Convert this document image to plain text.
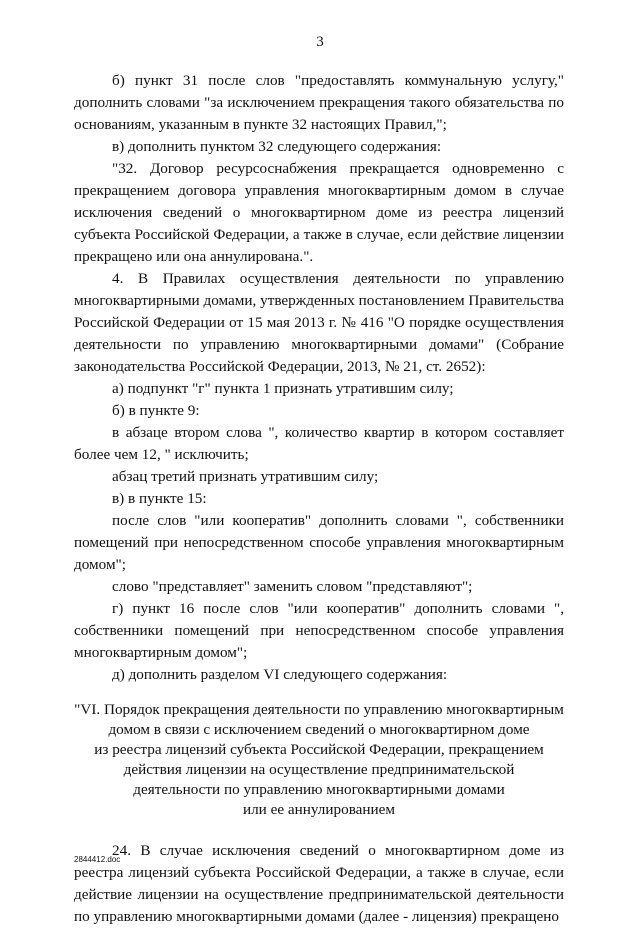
3

б) пункт 31 после слов "предоставлять коммунальную услугу," дополнить словами "за исключением прекращения такого обязательства по основаниям, указанным в пункте 32 настоящих Правил,";

в) дополнить пунктом 32 следующего содержания:

"32. Договор ресурсоснабжения прекращается одновременно с прекращением договора управления многоквартирным домом в случае исключения сведений о многоквартирном доме из реестра лицензий субъекта Российской Федерации, а также в случае, если действие лицензии прекращено или она аннулирована.".

4. В Правилах осуществления деятельности по управлению многоквартирными домами, утвержденных постановлением Правительства Российской Федерации от 15 мая 2013 г. № 416 "О порядке осуществления деятельности по управлению многоквартирными домами" (Собрание законодательства Российской Федерации, 2013, № 21, ст. 2652):

а) подпункт "г" пункта 1 признать утратившим силу;

б) в пункте 9:

в абзаце втором слова ", количество квартир в котором составляет более чем 12, " исключить;

абзац третий признать утратившим силу;

в) в пункте 15:

после слов "или кооператив" дополнить словами ", собственники помещений при непосредственном способе управления многоквартирным домом";

слово "представляет" заменить словом "представляют";

г) пункт 16 после слов "или кооператив" дополнить словами ", собственники помещений при непосредственном способе управления многоквартирным домом";

д) дополнить разделом VI следующего содержания:

"VI. Порядок прекращения деятельности по управлению многоквартирным
домом в связи с исключением сведений о многоквартирном доме
из реестра лицензий субъекта Российской Федерации, прекращением
действия лицензии на осуществление предпринимательской
деятельности по управлению многоквартирными домами
или ее аннулированием

24. В случае исключения сведений о многоквартирном доме из реестра лицензий субъекта Российской Федерации, а также в случае, если действие лицензии на осуществление предпринимательской деятельности по управлению многоквартирными домами (далее - лицензия) прекращено

2844412.doc
